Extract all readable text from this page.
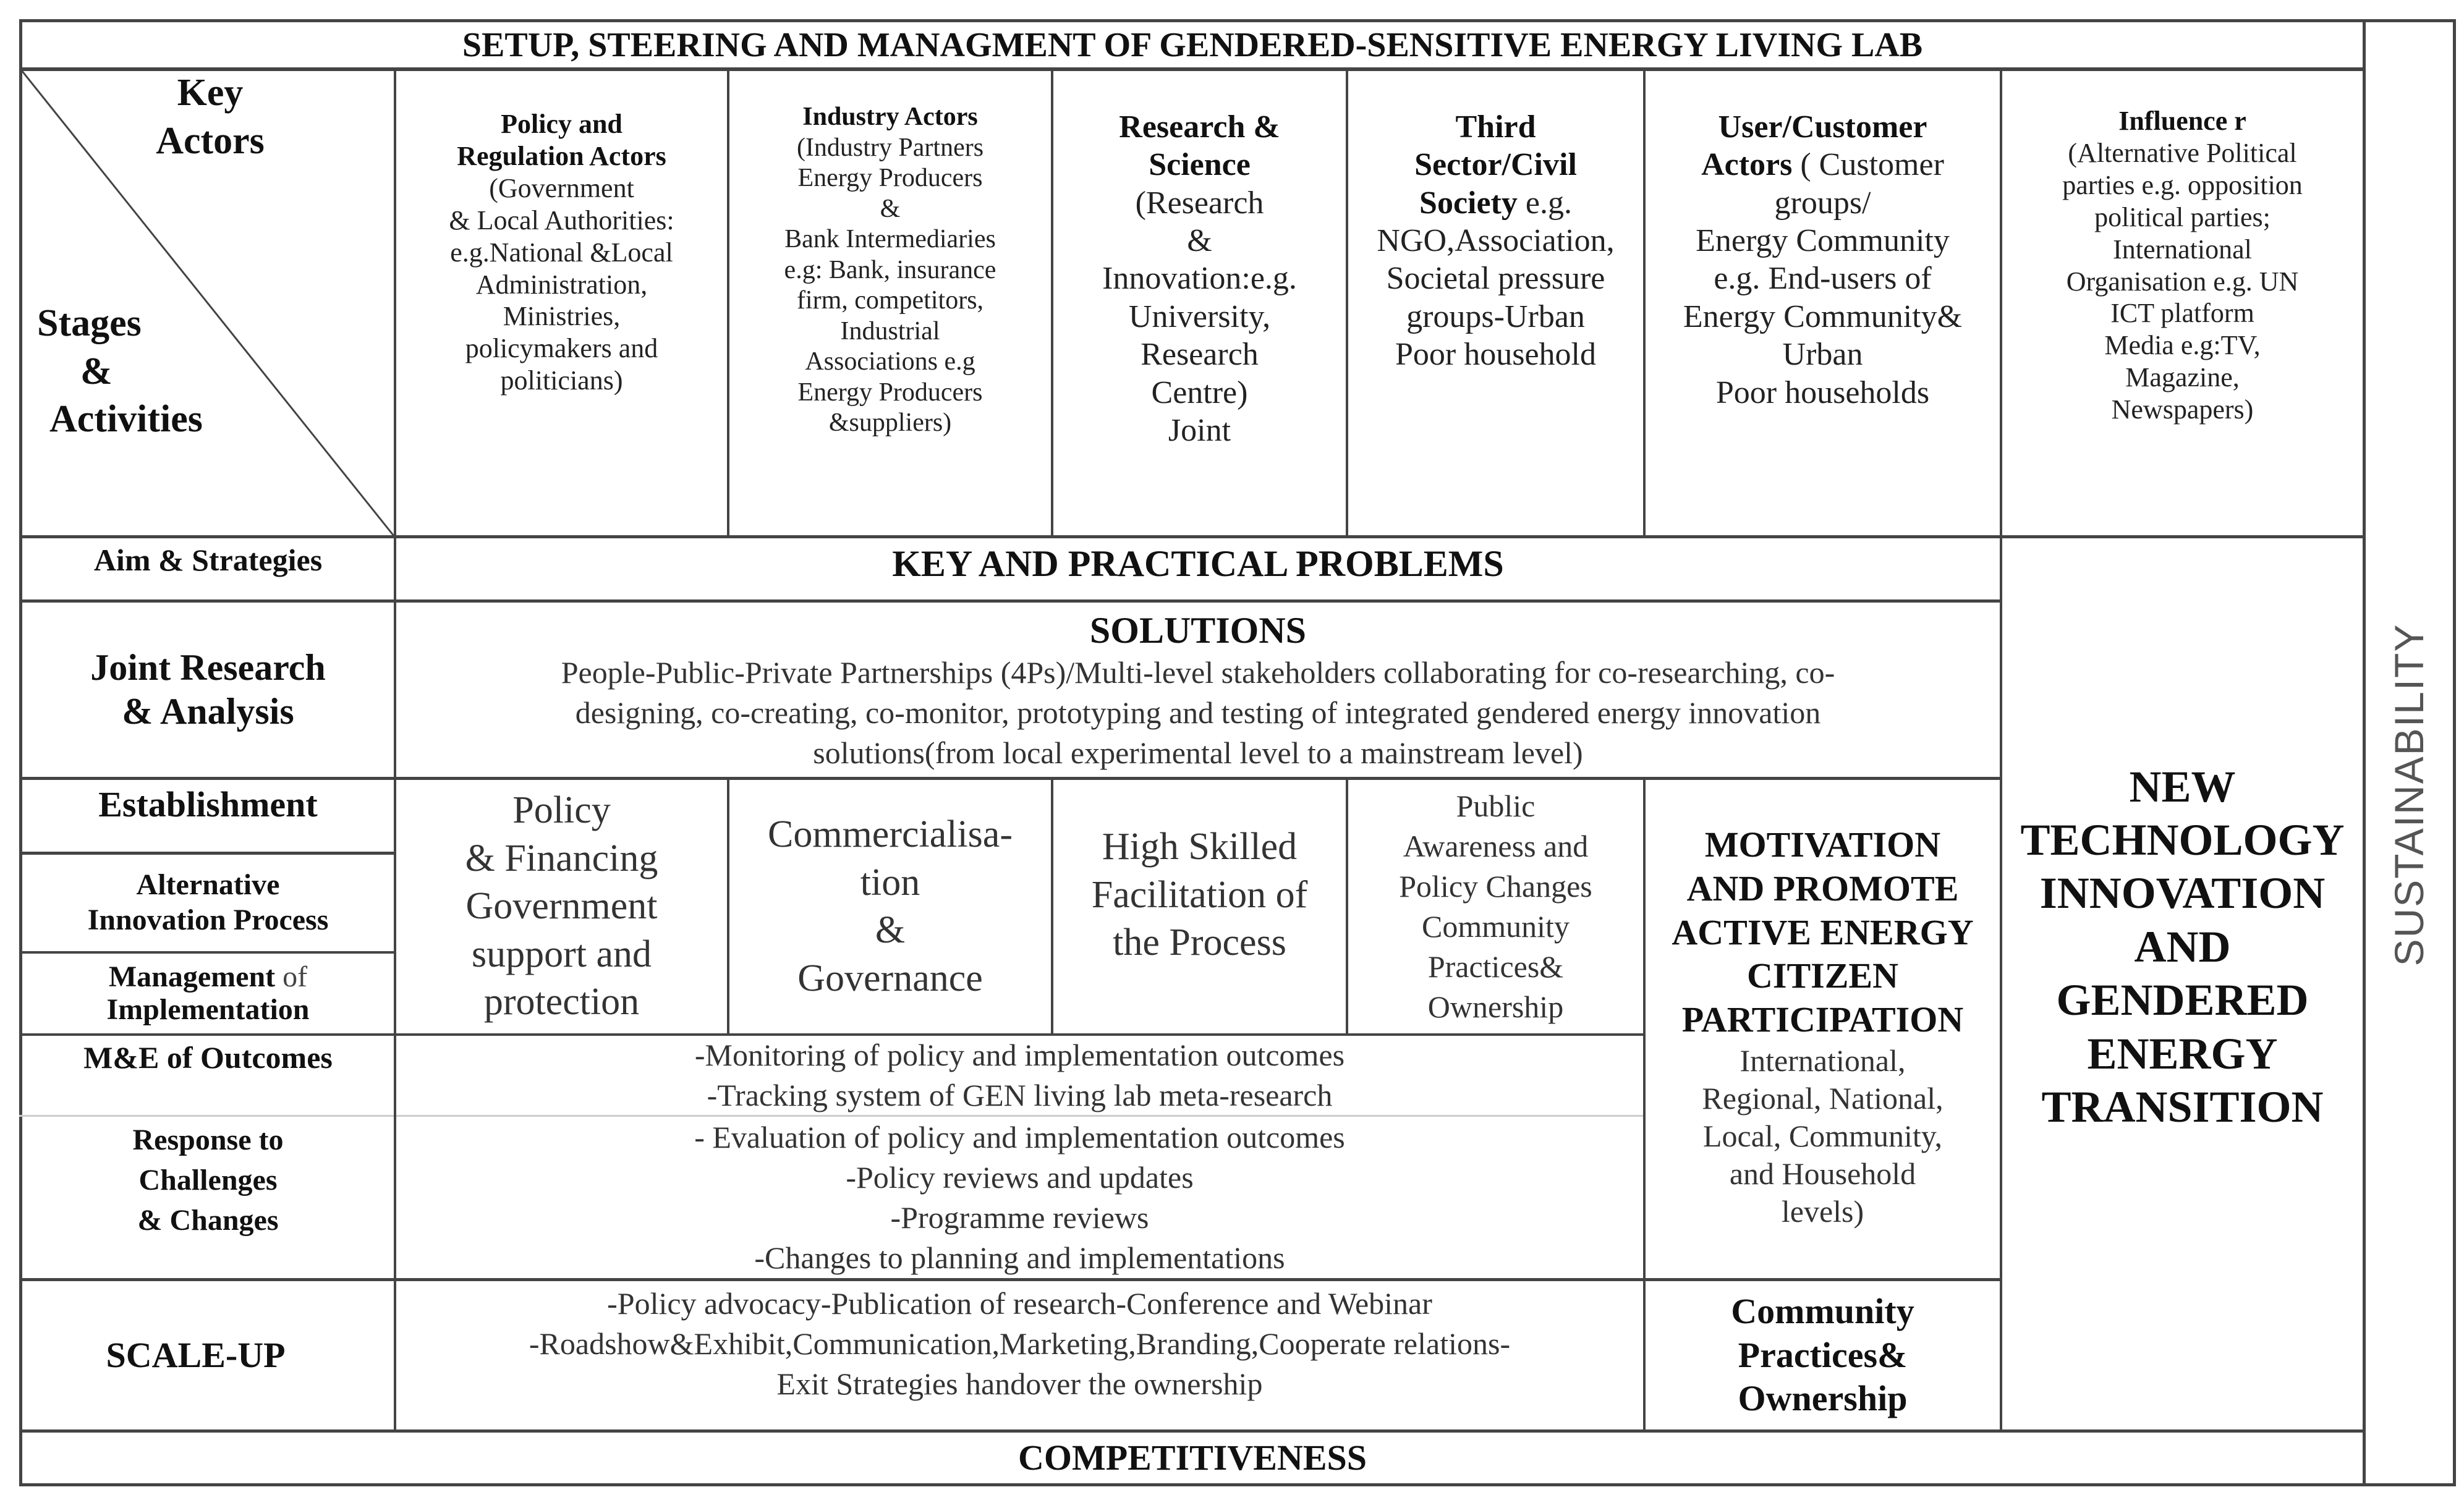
SETUP, STEERING AND MANAGMENT OF GENDERED-SENSITIVE ENERGY LIVING LAB
Key
Actors
Stages
&
Activities
Policy and
Regulation Actors
(Government
& Local Authorities:
e.g.National &Local
Administration,
Ministries,
policymakers and
politicians)
Industry Actors
(Industry Partners
Energy Producers
&
Bank Intermediaries
e.g: Bank, insurance
firm, competitors,
Industrial
Associations e.g
Energy Producers
&suppliers)
Research &
Science
(Research
&
Innovation:e.g.
University,
Research
Centre)
Joint
Third
Sector/Civil
Society e.g.
NGO,Association,
Societal pressure
groups-Urban
Poor household
User/Customer
Actors ( Customer
groups/
Energy Community
e.g. End-users of
Energy Community&
Urban
Poor households
Influence r
(Alternative Political
parties e.g. opposition
political parties;
International
Organisation e.g. UN
ICT platform
Media e.g:TV,
Magazine,
Newspapers)
Aim & Strategies
Joint Research
& Analysis
Establishment
Alternative
Innovation Process
Management of
Implementation
M&E of Outcomes
Response to
Challenges
& Changes
SCALE-UP
KEY AND PRACTICAL PROBLEMS
SOLUTIONS
People-Public-Private Partnerships (4Ps)/Multi-level stakeholders collaborating for co-researching, co-
designing, co-creating, co-monitor, prototyping and testing of integrated gendered energy innovation
solutions(from local experimental level to a mainstream level)
Policy
& Financing
Government
support and
protection
Commercialisa-
tion
&
Governance
High Skilled
Facilitation of
the Process
Public
Awareness and
Policy Changes
Community
Practices&
Ownership
MOTIVATION
AND PROMOTE
ACTIVE ENERGY
CITIZEN
PARTICIPATION
International,
Regional, National,
Local, Community,
and Household
levels)
NEW
TECHNOLOGY
INNOVATION
AND
GENDERED
ENERGY
TRANSITION
-Monitoring of policy and implementation outcomes
-Tracking system of GEN living lab meta-research
- Evaluation of policy and implementation outcomes
-Policy reviews and updates
-Programme reviews
-Changes to planning and implementations
-Policy advocacy-Publication of research-Conference and Webinar
-Roadshow&Exhibit,Communication,Marketing,Branding,Cooperate relations-
Exit Strategies handover the ownership
Community
Practices&
Ownership
COMPETITIVENESS
SUSTAINABILITY
